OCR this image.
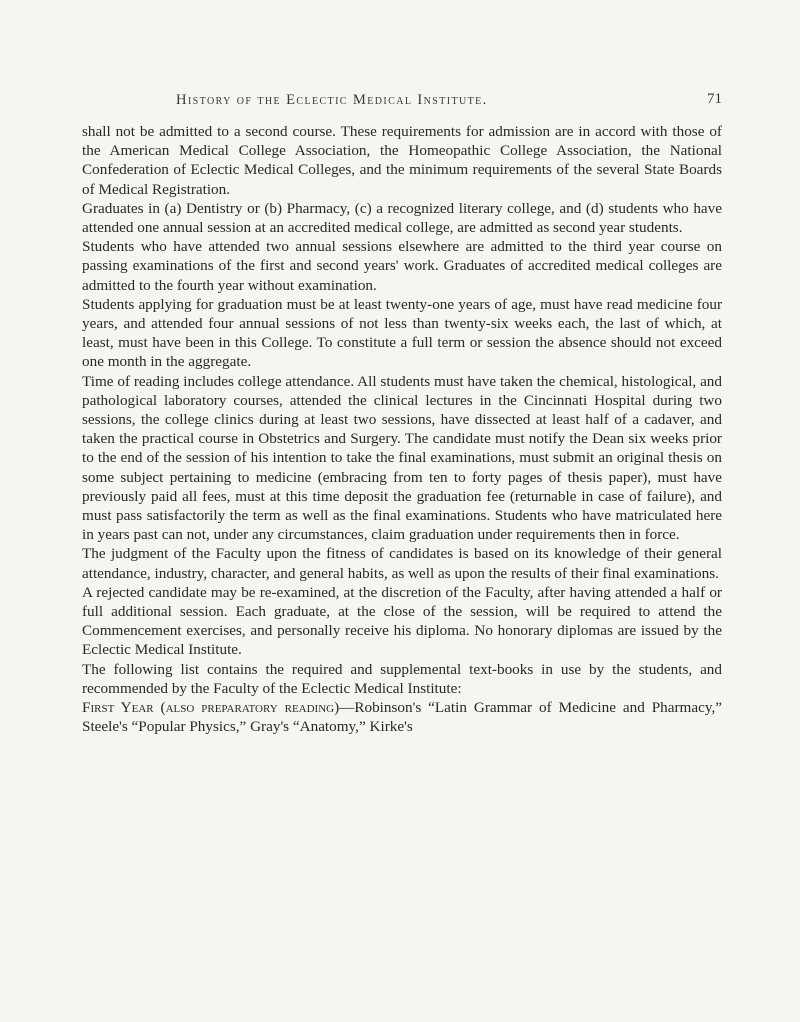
History of the Eclectic Medical Institute.	71

shall not be admitted to a second course. These requirements for admission are in accord with those of the American Medical College Association, the Homeopathic College Association, the National Confederation of Eclectic Medical Colleges, and the minimum requirements of the several State Boards of Medical Registration.

Graduates in (a) Dentistry or (b) Pharmacy, (c) a recognized literary college, and (d) students who have attended one annual session at an accredited medical college, are admitted as second year students.

Students who have attended two annual sessions elsewhere are admitted to the third year course on passing examinations of the first and second years' work. Graduates of accredited medical colleges are admitted to the fourth year without examination.

Students applying for graduation must be at least twenty-one years of age, must have read medicine four years, and attended four annual sessions of not less than twenty-six weeks each, the last of which, at least, must have been in this College. To constitute a full term or session the absence should not exceed one month in the aggregate.

Time of reading includes college attendance. All students must have taken the chemical, histological, and pathological laboratory courses, attended the clinical lectures in the Cincinnati Hospital during two sessions, the college clinics during at least two sessions, have dissected at least half of a cadaver, and taken the practical course in Obstetrics and Surgery. The candidate must notify the Dean six weeks prior to the end of the session of his intention to take the final examinations, must submit an original thesis on some subject pertaining to medicine (embracing from ten to forty pages of thesis paper), must have previously paid all fees, must at this time deposit the graduation fee (returnable in case of failure), and must pass satisfactorily the term as well as the final examinations. Students who have matriculated here in years past can not, under any circumstances, claim graduation under requirements then in force.

The judgment of the Faculty upon the fitness of candidates is based on its knowledge of their general attendance, industry, character, and general habits, as well as upon the results of their final examinations.

A rejected candidate may be re-examined, at the discretion of the Faculty, after having attended a half or full additional session. Each graduate, at the close of the session, will be required to attend the Commencement exercises, and personally receive his diploma. No honorary diplomas are issued by the Eclectic Medical Institute.

The following list contains the required and supplemental text-books in use by the students, and recommended by the Faculty of the Eclectic Medical Institute:

First Year (also preparatory reading)—Robinson's “Latin Grammar of Medicine and Pharmacy,” Steele's “Popular Physics,” Gray's “Anatomy,” Kirke's
